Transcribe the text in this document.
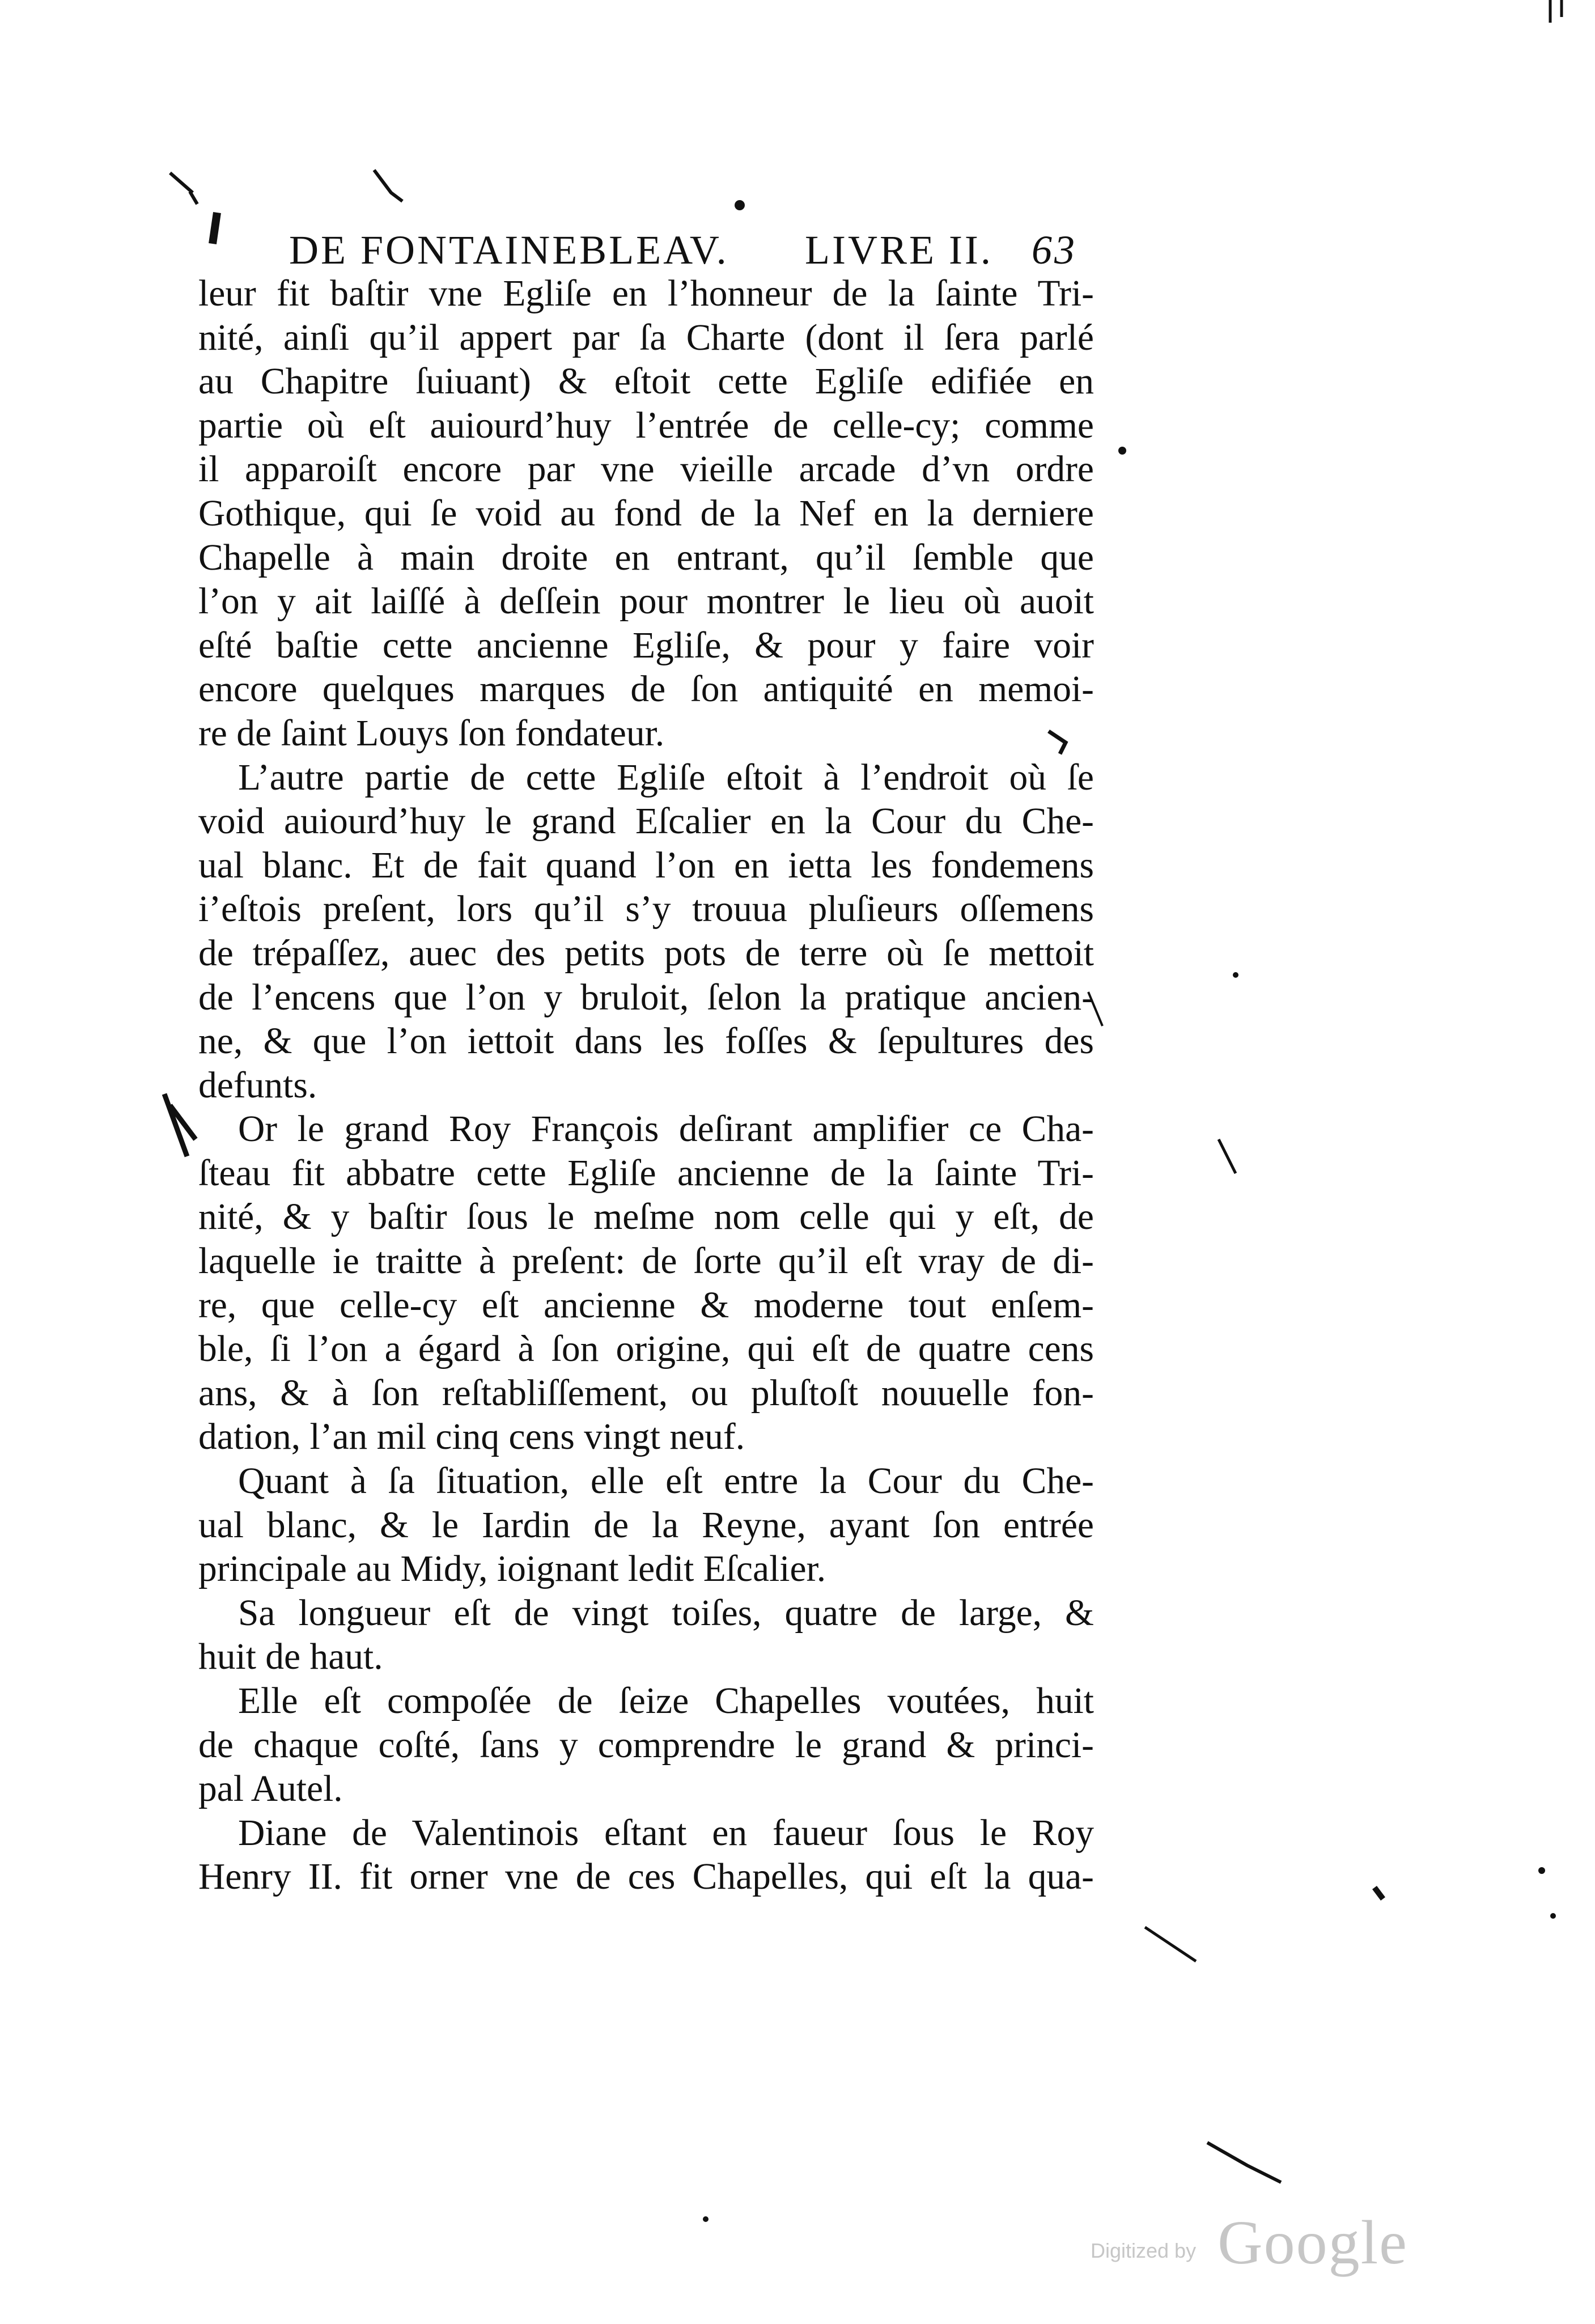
DE FONTAINEBLEAV. LIVRE II. 63
leur fit baſtir vne Egliſe en l’honneur de la ſainte Tri-
nité, ainſi qu’il appert par ſa Charte (dont il ſera parlé
au Chapitre ſuiuant) & eſtoit cette Egliſe edifiée en
partie où eſt auiourd’huy l’entrée de celle-cy; comme
il apparoiſt encore par vne vieille arcade d’vn ordre
Gothique, qui ſe void au fond de la Nef en la derniere
Chapelle à main droite en entrant, qu’il ſemble que
l’on y ait laiſſé à deſſein pour montrer le lieu où auoit
eſté baſtie cette ancienne Egliſe, & pour y faire voir
encore quelques marques de ſon antiquité en memoi-
re de ſaint Louys ſon fondateur.
L’autre partie de cette Egliſe eſtoit à l’endroit où ſe
void auiourd’huy le grand Eſcalier en la Cour du Che-
ual blanc. Et de fait quand l’on en ietta les fondemens
i’eſtois preſent, lors qu’il s’y trouua pluſieurs oſſemens
de trépaſſez, auec des petits pots de terre où ſe mettoit
de l’encens que l’on y bruloit, ſelon la pratique ancien-
ne, & que l’on iettoit dans les foſſes & ſepultures des
defunts.
Or le grand Roy François deſirant amplifier ce Cha-
ſteau fit abbatre cette Egliſe ancienne de la ſainte Tri-
nité, & y baſtir ſous le meſme nom celle qui y eſt, de
laquelle ie traitte à preſent: de ſorte qu’il eſt vray de di-
re, que celle-cy eſt ancienne & moderne tout enſem-
ble, ſi l’on a égard à ſon origine, qui eſt de quatre cens
ans, & à ſon reſtabliſſement, ou pluſtoſt nouuelle fon-
dation, l’an mil cinq cens vingt neuf.
Quant à ſa ſituation, elle eſt entre la Cour du Che-
ual blanc, & le Iardin de la Reyne, ayant ſon entrée
principale au Midy, ioignant ledit Eſcalier.
Sa longueur eſt de vingt toiſes, quatre de large, &
huit de haut.
Elle eſt compoſée de ſeize Chapelles voutées, huit
de chaque coſté, ſans y comprendre le grand & princi-
pal Autel.
Diane de Valentinois eſtant en faueur ſous le Roy
Henry II. fit orner vne de ces Chapelles, qui eſt la qua-
Digitized by Google
